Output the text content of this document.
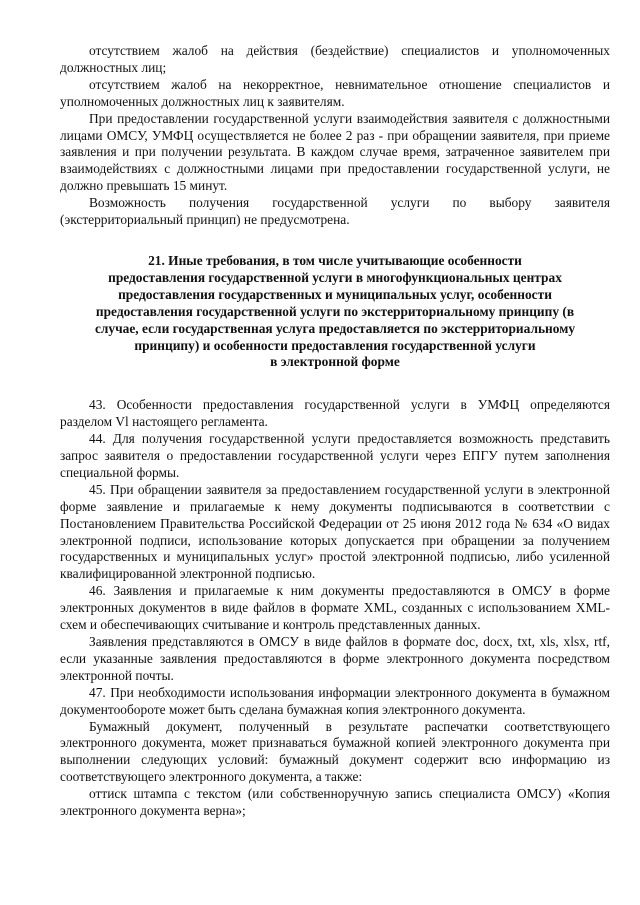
отсутствием жалоб на действия (бездействие) специалистов и уполномоченных должностных лиц;

отсутствием жалоб на некорректное, невнимательное отношение специалистов и уполномоченных должностных лиц к заявителям.

При предоставлении государственной услуги взаимодействия заявителя с должностными лицами ОМСУ, УМФЦ осуществляется не более 2 раз - при обращении заявителя, при приеме заявления и при получении результата. В каждом случае время, затраченное заявителем при взаимодействиях с должностными лицами при предоставлении государственной услуги, не должно превышать 15 минут.

Возможность получения государственной услуги по выбору заявителя (экстерриториальный принцип) не предусмотрена.

21. Иные требования, в том числе учитывающие особенности
предоставления государственной услуги в многофункциональных центрах
предоставления государственных и муниципальных услуг, особенности
предоставления государственной услуги по экстерриториальному принципу (в
случае, если государственная услуга предоставляется по экстерриториальному
принципу) и особенности предоставления государственной услуги
в электронной форме

43. Особенности предоставления государственной услуги в УМФЦ определяются разделом Vl настоящего регламента.

44. Для получения государственной услуги предоставляется возможность представить запрос заявителя о предоставлении государственной услуги через ЕПГУ путем заполнения специальной формы.

45. При обращении заявителя за предоставлением государственной услуги в электронной форме заявление и прилагаемые к нему документы подписываются в соответствии с Постановлением Правительства Российской Федерации от 25 июня 2012 года № 634 «О видах электронной подписи, использование которых допускается при обращении за получением государственных и муниципальных услуг» простой электронной подписью, либо усиленной квалифицированной электронной подписью.

46. Заявления и прилагаемые к ним документы предоставляются в ОМСУ в форме электронных документов в виде файлов в формате XML, созданных с использованием XML-схем и обеспечивающих считывание и контроль представленных данных.

Заявления представляются в ОМСУ в виде файлов в формате doc, docx, txt, xls, xlsx, rtf, если указанные заявления предоставляются в форме электронного документа посредством электронной почты.

47. При необходимости использования информации электронного документа в бумажном документообороте может быть сделана бумажная копия электронного документа.

Бумажный документ, полученный в результате распечатки соответствующего электронного документа, может признаваться бумажной копией электронного документа при выполнении следующих условий: бумажный документ содержит всю информацию из соответствующего электронного документа, а также:

оттиск штампа с текстом (или собственноручную запись специалиста ОМСУ) «Копия электронного документа верна»;
